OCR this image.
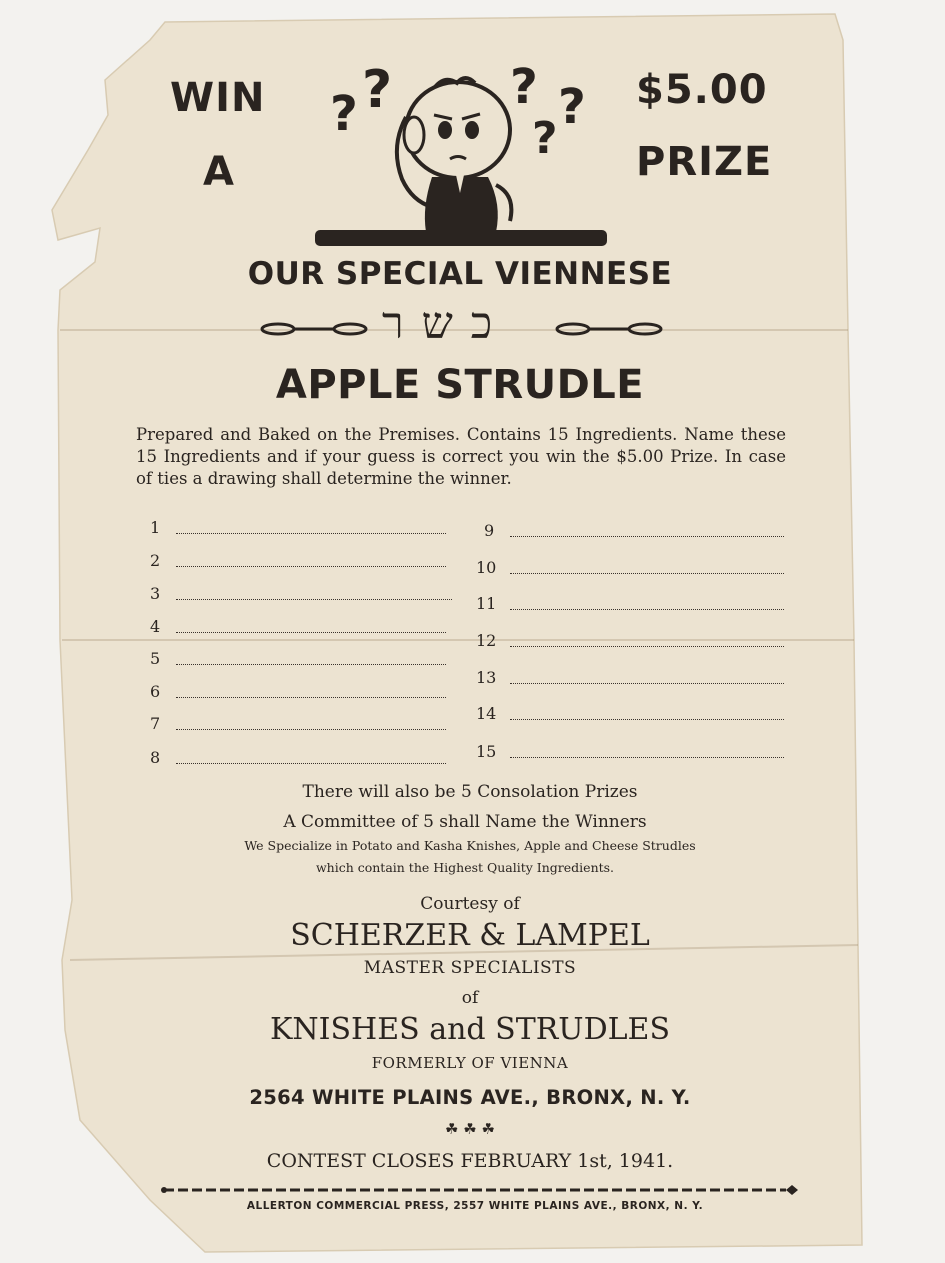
WIN
A
$5.00
PRIZE
? ? ? ?
?
OUR SPECIAL VIENNESE
כשר
APPLE STRUDLE
Prepared and Baked on the Premises. Contains 15 Ingredients. Name these 15 Ingredients and if your guess is correct you win the $5.00 Prize. In case of ties a drawing shall determine the winner.
1
2
3
4
5
6
7
8
9
10
11
12
13
14
15
There will also be 5 Consolation Prizes
A Committee of 5 shall Name the Winners
We Specialize in Potato and Kasha Knishes, Apple and Cheese Strudles
which contain the Highest Quality Ingredients.
Courtesy of
SCHERZER & LAMPEL
MASTER SPECIALISTS
of
KNISHES and STRUDLES
FORMERLY OF VIENNA
2564 WHITE PLAINS AVE., BRONX, N. Y.
☘ ☘ ☘
CONTEST CLOSES FEBRUARY 1st, 1941.
ALLERTON COMMERCIAL PRESS, 2557 WHITE PLAINS AVE., BRONX, N. Y.
